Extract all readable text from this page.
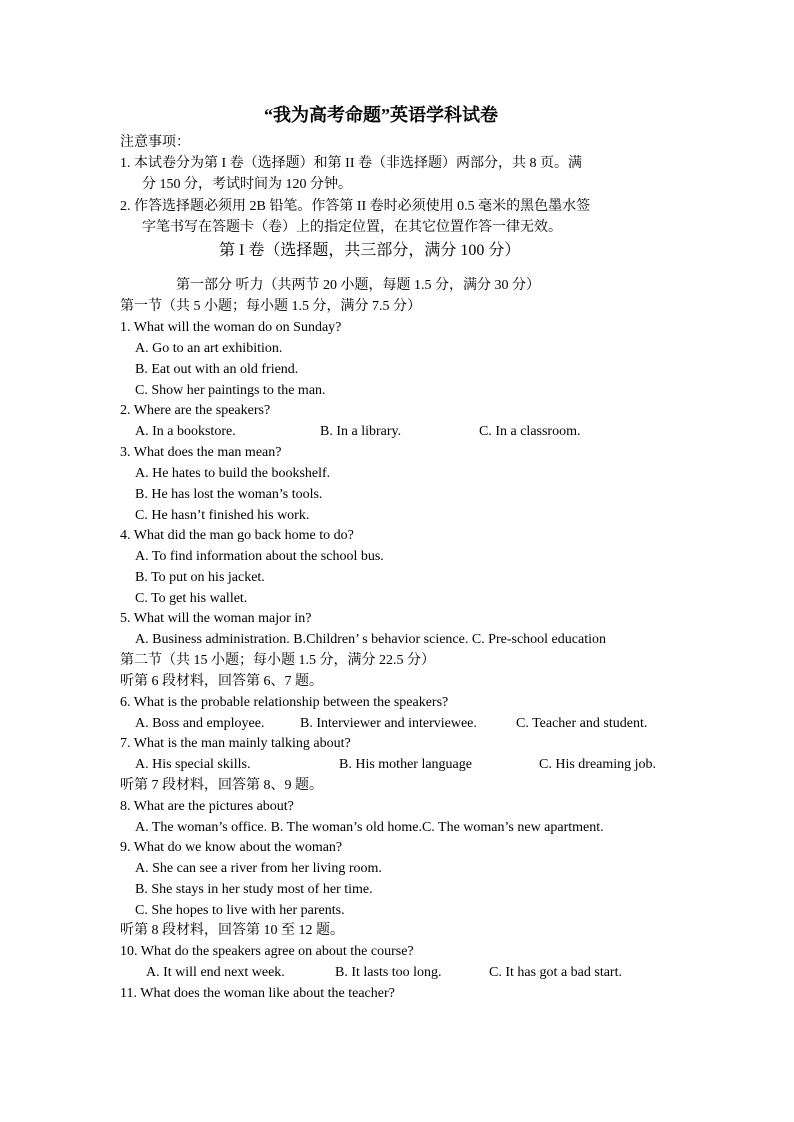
“我为高考命题”英语学科试卷
注意事项：
1. 本试卷分为第 I 卷（选择题）和第 II 卷（非选择题）两部分，共 8 页。满
分 150 分，考试时间为 120 分钟。
2. 作答选择题必须用 2B 铅笔。作答第 II 卷时必须使用 0.5 毫米的黑色墨水签
字笔书写在答题卡（卷）上的指定位置，在其它位置作答一律无效。
第 I 卷（选择题，共三部分，满分 100 分）
第一部分 听力（共两节 20 小题，每题 1.5 分，满分 30 分）
第一节（共 5 小题；每小题 1.5 分，满分 7.5 分）
1. What will the woman do on Sunday?
A. Go to an art exhibition.
B. Eat out with an old friend.
C. Show her paintings to the man.
2. Where are the speakers?
A. In a bookstore.	B. In a library.	C. In a classroom.
3. What does the man mean?
A. He hates to build the bookshelf.
B. He has lost the woman’s tools.
C. He hasn’t finished his work.
4. What did the man go back home to do?
A. To find information about the school bus.
B. To put on his jacket.
C. To get his wallet.
5. What will the woman major in?
A. Business administration. B.Children’ s behavior science. C. Pre-school education
第二节（共 15 小题；每小题 1.5 分，满分 22.5 分）
听第 6 段材料，回答第 6、7 题。
6. What is the probable relationship between the speakers?
A. Boss and employee.	B. Interviewer and interviewee.	C. Teacher and student.
7. What is the man mainly talking about?
A. His special skills.	B. His mother language	C. His dreaming job.
听第 7 段材料，回答第 8、9 题。
8. What are the pictures about?
A. The woman’s office. B. The woman’s old home.C. The woman’s new apartment.
9. What do we know about the woman?
A. She can see a river from her living room.
B. She stays in her study most of her time.
C. She hopes to live with her parents.
听第 8 段材料，回答第 10 至 12 题。
10. What do the speakers agree on about the course?
A. It will end next week.	B. It lasts too long.	C. It has got a bad start.
11. What does the woman like about the teacher?
